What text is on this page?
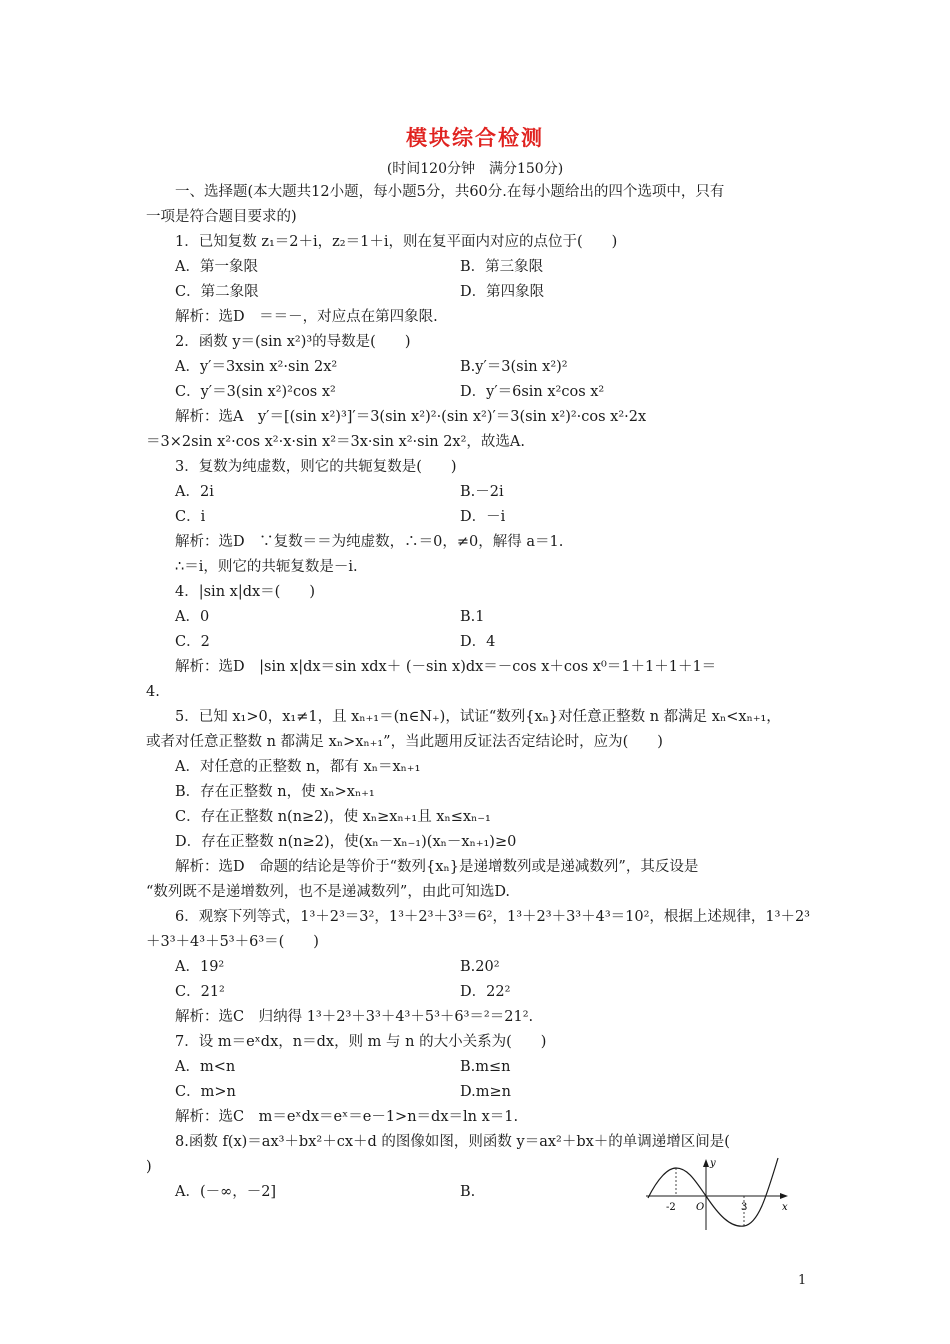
模块综合检测
(时间120分钟　满分150分)
一、选择题(本大题共12小题，每小题5分，共60分.在每小题给出的四个选项中，只有
一项是符合题目要求的)
1．已知复数 z₁＝2＋i，z₂＝1＋i，则在复平面内对应的点位于(　　)
A．第一象限	B．第三象限
C．第二象限	D．第四象限
解析：选D　＝＝－，对应点在第四象限.
2．函数 y＝(sin x²)³的导数是(　　)
A．y′＝3xsin x²·sin 2x²	B.y′＝3(sin x²)²
C．y′＝3(sin x²)²cos x²	D．y′＝6sin x²cos x²
解析：选A　y′＝[(sin x²)³]′＝3(sin x²)²·(sin x²)′＝3(sin x²)²·cos x²·2x
＝3×2sin x²·cos x²·x·sin x²＝3x·sin x²·sin 2x²，故选A.
3．复数为纯虚数，则它的共轭复数是(　　)
A．2i	B.－2i
C．i	D．－i
解析：选D　∵复数＝＝为纯虚数，∴＝0，≠0，解得 a＝1.
∴＝i，则它的共轭复数是－i.
4．|sin x|dx＝(　　)
A．0	B.1
C．2	D．4
解析：选D　|sin x|dx＝sin xdx＋ (－sin x)dx＝－cos x＋cos x⁰＝1＋1＋1＋1＝
4.
5．已知 x₁>0，x₁≠1，且 xₙ₊₁＝(n∈N₊)，试证“数列{xₙ}对任意正整数 n 都满足 xₙ<xₙ₊₁，
或者对任意正整数 n 都满足 xₙ>xₙ₊₁”，当此题用反证法否定结论时，应为(　　)
A．对任意的正整数 n，都有 xₙ＝xₙ₊₁
B．存在正整数 n，使 xₙ>xₙ₊₁
C．存在正整数 n(n≥2)，使 xₙ≥xₙ₊₁且 xₙ≤xₙ₋₁
D．存在正整数 n(n≥2)，使(xₙ－xₙ₋₁)(xₙ－xₙ₊₁)≥0
解析：选D　命题的结论是等价于“数列{xₙ}是递增数列或是递减数列”，其反设是
“数列既不是递增数列，也不是递减数列”，由此可知选D.
6．观察下列等式，1³＋2³＝3²，1³＋2³＋3³＝6²，1³＋2³＋3³＋4³＝10²，根据上述规律，1³＋2³
＋3³＋4³＋5³＋6³＝(　　)
A．19²	B.20²
C．21²	D．22²
解析：选C　归纳得 1³＋2³＋3³＋4³＋5³＋6³＝²＝21².
7．设 m＝eˣdx，n＝dx，则 m 与 n 的大小关系为(　　)
A．m<n	B.m≤n
C．m>n	D.m≥n
解析：选C　m＝eˣdx＝eˣ＝e－1>n＝dx＝ln x＝1.
8.函数 f(x)＝ax³＋bx²＋cx＋d 的图像如图，则函数 y＝ax²＋bx＋的单调递增区间是(
)
A．(－∞，－2]	B.
y
x
O
-2	3
1
